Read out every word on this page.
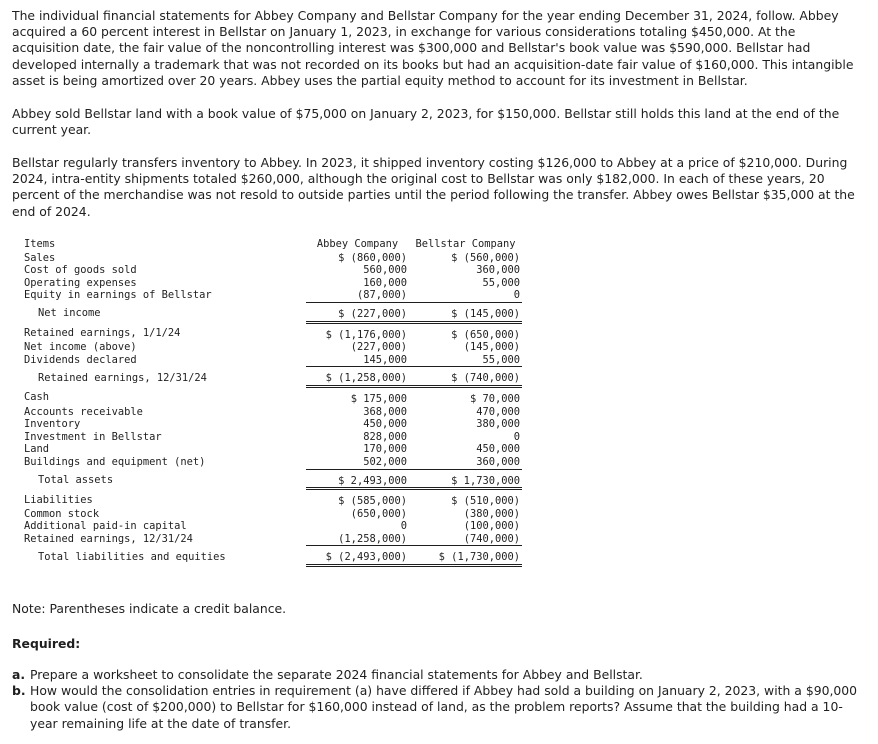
The individual financial statements for Abbey Company and Bellstar Company for the year ending December 31, 2024, follow. Abbey acquired a 60 percent interest in Bellstar on January 1, 2023, in exchange for various considerations totaling $450,000. At the acquisition date, the fair value of the noncontrolling interest was $300,000 and Bellstar's book value was $590,000. Bellstar had developed internally a trademark that was not recorded on its books but had an acquisition-date fair value of $160,000. This intangible asset is being amortized over 20 years. Abbey uses the partial equity method to account for its investment in Bellstar.

Abbey sold Bellstar land with a book value of $75,000 on January 2, 2023, for $150,000. Bellstar still holds this land at the end of the current year.

Bellstar regularly transfers inventory to Abbey. In 2023, it shipped inventory costing $126,000 to Abbey at a price of $210,000. During 2024, intra-entity shipments totaled $260,000, although the original cost to Bellstar was only $182,000. In each of these years, 20 percent of the merchandise was not resold to outside parties until the period following the transfer. Abbey owes Bellstar $35,000 at the end of 2024.

Items	Abbey Company	Bellstar Company
Sales	$ (860,000)	$ (560,000)
Cost of goods sold	560,000	360,000
Operating expenses	160,000	55,000
Equity in earnings of Bellstar	(87,000)	0
Net income	$ (227,000)	$ (145,000)
Retained earnings, 1/1/24	$ (1,176,000)	$ (650,000)
Net income (above)	(227,000)	(145,000)
Dividends declared	145,000	55,000
Retained earnings, 12/31/24	$ (1,258,000)	$ (740,000)
Cash	$ 175,000	$ 70,000
Accounts receivable	368,000	470,000
Inventory	450,000	380,000
Investment in Bellstar	828,000	0
Land	170,000	450,000
Buildings and equipment (net)	502,000	360,000
Total assets	$ 2,493,000	$ 1,730,000
Liabilities	$ (585,000)	$ (510,000)
Common stock	(650,000)	(380,000)
Additional paid-in capital	0	(100,000)
Retained earnings, 12/31/24	(1,258,000)	(740,000)
Total liabilities and equities	$ (2,493,000)	$ (1,730,000)

Note: Parentheses indicate a credit balance.

Required:

a. Prepare a worksheet to consolidate the separate 2024 financial statements for Abbey and Bellstar.
b. How would the consolidation entries in requirement (a) have differed if Abbey had sold a building on January 2, 2023, with a $90,000 book value (cost of $200,000) to Bellstar for $160,000 instead of land, as the problem reports? Assume that the building had a 10-year remaining life at the date of transfer.
